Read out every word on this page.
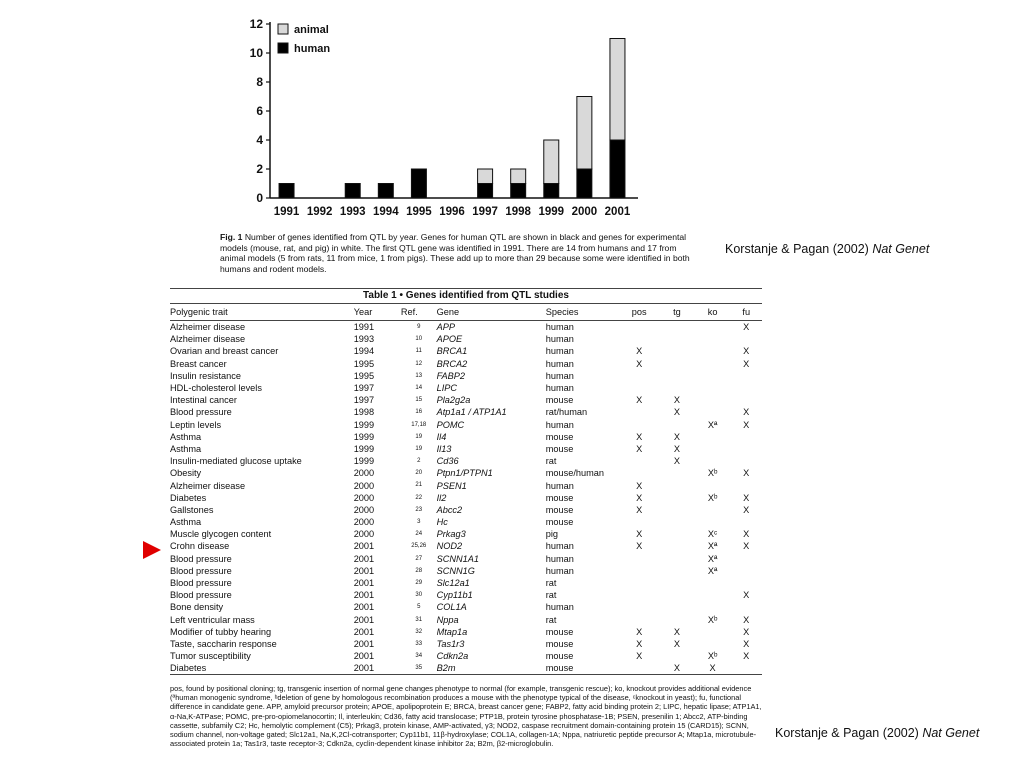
0
2
4
6
8
10
12
1991 1992 1993 1994 1995 1996 1997 1998 1999 2000 2001
animal
human
Fig. 1 Number of genes identified from QTL by year. Genes for human QTL are shown in black and genes for experimental models (mouse, rat, and pig) in white. The first QTL gene was identified in 1991. There are 14 from humans and 17 from animal models (5 from rats, 11 from mice, 1 from pigs). These add up to more than 29 because some were identified in both humans and rodent models.
Korstanje & Pagan (2002) Nat Genet
Table 1 • Genes identified from QTL studies
Polygenic trait	Year	Ref.	Gene	Species	pos	tg	ko	fu
Alzheimer disease	1991	9	APP	human				X
Alzheimer disease	1993	10	APOE	human				
Ovarian and breast cancer	1994	11	BRCA1	human	X			X
Breast cancer	1995	12	BRCA2	human	X			X
Insulin resistance	1995	13	FABP2	human				
HDL-cholesterol levels	1997	14	LIPC	human				
Intestinal cancer	1997	15	Pla2g2a	mouse	X	X		
Blood pressure	1998	16	Atp1a1 / ATP1A1	rat/human		X		X
Leptin levels	1999	17,18	POMC	human			Xª	X
Asthma	1999	19	Il4	mouse	X	X		
Asthma	1999	19	Il13	mouse	X	X		
Insulin-mediated glucose uptake	1999	2	Cd36	rat		X		
Obesity	2000	20	Ptpn1/PTPN1	mouse/human			Xᵇ	X
Alzheimer disease	2000	21	PSEN1	human	X			
Diabetes	2000	22	Il2	mouse	X		Xᵇ	X
Gallstones	2000	23	Abcc2	mouse	X			X
Asthma	2000	3	Hc	mouse				
Muscle glycogen content	2000	24	Prkag3	pig	X		Xᶜ	X
Crohn disease	2001	25,26	NOD2	human	X		Xª	X
Blood pressure	2001	27	SCNN1A1	human			Xª	
Blood pressure	2001	28	SCNN1G	human			Xª	
Blood pressure	2001	29	Slc12a1	rat				
Blood pressure	2001	30	Cyp11b1	rat				X
Bone density	2001	5	COL1A	human				
Left ventricular mass	2001	31	Nppa	rat			Xᵇ	X
Modifier of tubby hearing	2001	32	Mtap1a	mouse	X	X		X
Taste, saccharin response	2001	33	Tas1r3	mouse	X	X		X
Tumor susceptibility	2001	34	Cdkn2a	mouse	X		Xᵇ	X
Diabetes	2001	35	B2m	mouse		X	X	
pos, found by positional cloning; tg, transgenic insertion of normal gene changes phenotype to normal (for example, transgenic rescue); ko, knockout provides additional evidence (ªhuman monogenic syndrome, ᵇdeletion of gene by homologous recombination produces a mouse with the phenotype typical of the disease, ᶜknockout in yeast); fu, functional difference in candidate gene. APP, amyloid precursor protein; APOE, apolipoprotein E; BRCA, breast cancer gene; FABP2, fatty acid binding protein 2; LIPC, hepatic lipase; ATP1A1, α-Na,K-ATPase; POMC, pre-pro-opiomelanocortin; Il, interleukin; Cd36, fatty acid translocase; PTP1B, protein tyrosine phosphatase-1B; PSEN, presenilin 1; Abcc2, ATP-binding cassette, subfamily C2; Hc, hemolytic complement (C5); Prkag3, protein kinase, AMP-activated, γ3; NOD2, caspase recruitment domain-containing protein 15 (CARD15); SCNN, sodium channel, non-voltage gated; Slc12a1, Na,K,2Cl-cotransporter; Cyp11b1, 11β-hydroxylase; COL1A, collagen-1A; Nppa, natriuretic peptide precursor A; Mtap1a, microtubule-associated protein 1a; Tas1r3, taste receptor-3; Cdkn2a, cyclin-dependent kinase inhibitor 2a; B2m, β2-microglobulin.
Korstanje & Pagan (2002) Nat Genet
